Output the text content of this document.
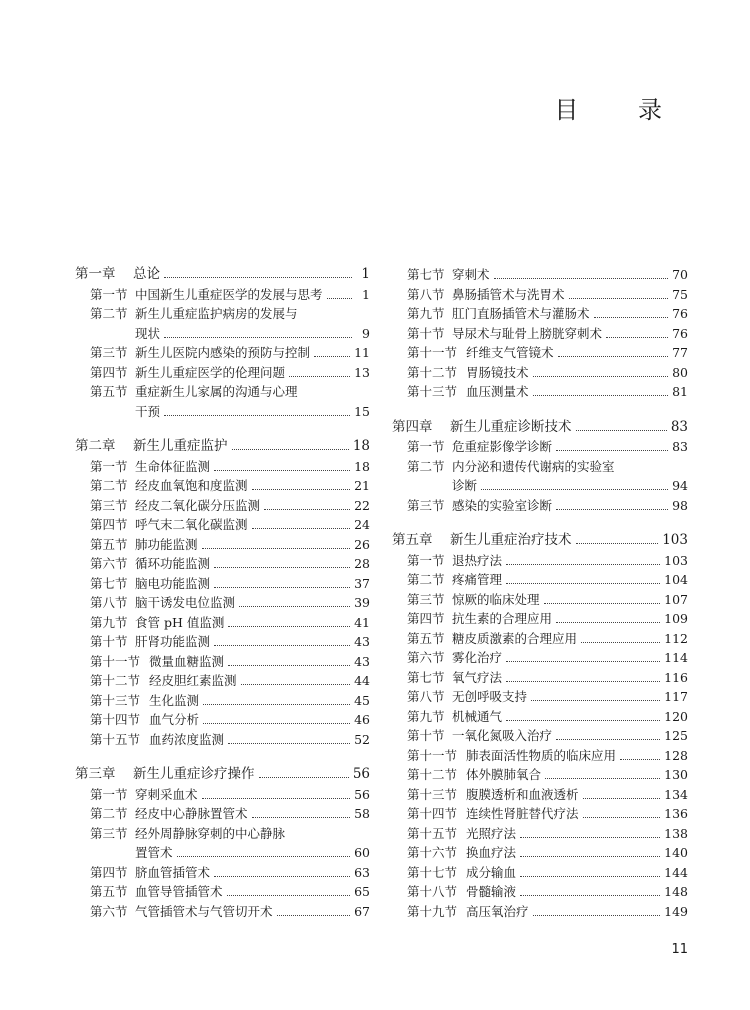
目 录
第一章	总论	1
第一节 中国新生儿重症医学的发展与思考	1
第二节 新生儿重症监护病房的发展与
现状	9
第三节 新生儿医院内感染的预防与控制	11
第四节 新生儿重症医学的伦理问题	13
第五节 重症新生儿家属的沟通与心理
干预	15
第二章	新生儿重症监护	18
第一节 生命体征监测	18
第二节 经皮血氧饱和度监测	21
第三节 经皮二氧化碳分压监测	22
第四节 呼气末二氧化碳监测	24
第五节 肺功能监测	26
第六节 循环功能监测	28
第七节 脑电功能监测	37
第八节 脑干诱发电位监测	39
第九节 食管 pH 值监测	41
第十节 肝肾功能监测	43
第十一节 微量血糖监测	43
第十二节 经皮胆红素监测	44
第十三节 生化监测	45
第十四节 血气分析	46
第十五节 血药浓度监测	52
第三章	新生儿重症诊疗操作	56
第一节 穿刺采血术	56
第二节 经皮中心静脉置管术	58
第三节 经外周静脉穿刺的中心静脉
置管术	60
第四节 脐血管插管术	63
第五节 血管导管插管术	65
第六节 气管插管术与气管切开术	67
第七节 穿刺术	70
第八节 鼻肠插管术与洗胃术	75
第九节 肛门直肠插管术与灌肠术	76
第十节 导尿术与耻骨上膀胱穿刺术	76
第十一节 纤维支气管镜术	77
第十二节 胃肠镜技术	80
第十三节 血压测量术	81
第四章	新生儿重症诊断技术	83
第一节 危重症影像学诊断	83
第二节 内分泌和遗传代谢病的实验室
诊断	94
第三节 感染的实验室诊断	98
第五章	新生儿重症治疗技术	103
第一节 退热疗法	103
第二节 疼痛管理	104
第三节 惊厥的临床处理	107
第四节 抗生素的合理应用	109
第五节 糖皮质激素的合理应用	112
第六节 雾化治疗	114
第七节 氧气疗法	116
第八节 无创呼吸支持	117
第九节 机械通气	120
第十节 一氧化氮吸入治疗	125
第十一节 肺表面活性物质的临床应用	128
第十二节 体外膜肺氧合	130
第十三节 腹膜透析和血液透析	134
第十四节 连续性肾脏替代疗法	136
第十五节 光照疗法	138
第十六节 换血疗法	140
第十七节 成分输血	144
第十八节 骨髓输液	148
第十九节 高压氧治疗	149
11
